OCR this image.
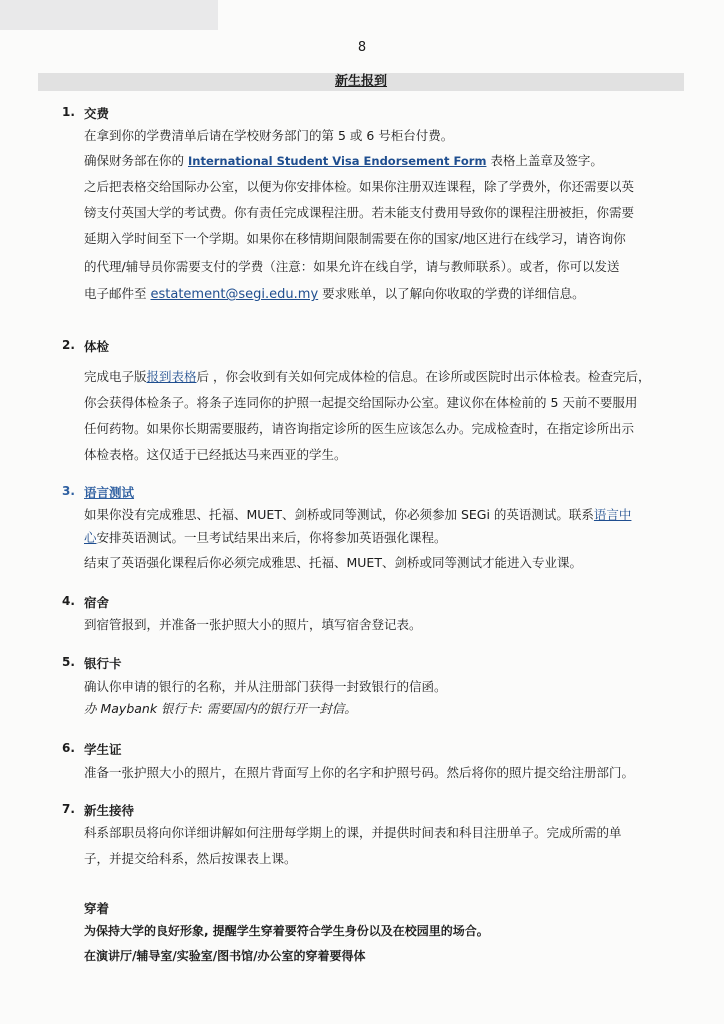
8
新生报到
1. 交费
在拿到你的学费清单后请在学校财务部门的第 5 或 6 号柜台付费。
确保财务部在你的 International Student Visa Endorsement Form 表格上盖章及签字。
之后把表格交给国际办公室，以便为你安排体检。如果你注册双连课程，除了学费外，你还需要以英
镑支付英国大学的考试费。你有责任完成课程注册。若未能支付费用导致你的课程注册被拒，你需要
延期入学时间至下一个学期。如果你在移情期间限制需要在你的国家/地区进行在线学习，请咨询你
的代理/辅导员你需要支付的学费（注意：如果允许在线自学，请与教师联系）。或者，你可以发送
电子邮件至 estatement@segi.edu.my 要求账单，以了解向你收取的学费的详细信息。
2. 体检
完成电子版报到表格后 ，你会收到有关如何完成体检的信息。在诊所或医院时出示体检表。检查完后，
你会获得体检条子。将条子连同你的护照一起提交给国际办公室。建议你在体检前的 5 天前不要服用
任何药物。如果你长期需要服药，请咨询指定诊所的医生应该怎么办。完成检查时，在指定诊所出示
体检表格。这仅适于已经抵达马来西亚的学生。
3. 语言测试
如果你没有完成雅思、托福、MUET、剑桥或同等测试，你必须参加 SEGi 的英语测试。联系语言中
心安排英语测试。一旦考试结果出来后，你将参加英语强化课程。
结束了英语强化课程后你必须完成雅思、托福、MUET、剑桥或同等测试才能进入专业课。
4. 宿舍
到宿管报到，并准备一张护照大小的照片，填写宿舍登记表。
5. 银行卡
确认你申请的银行的名称，并从注册部门获得一封致银行的信函。
办 Maybank 银行卡: 需要国内的银行开一封信。
6. 学生证
准备一张护照大小的照片，在照片背面写上你的名字和护照号码。然后将你的照片提交给注册部门。
7. 新生接待
科系部职员将向你详细讲解如何注册每学期上的课，并提供时间表和科目注册单子。完成所需的单
子，并提交给科系，然后按课表上课。
穿着
为保持大学的良好形象, 提醒学生穿着要符合学生身份以及在校园里的场合。
在演讲厅/辅导室/实验室/图书馆/办公室的穿着要得体
